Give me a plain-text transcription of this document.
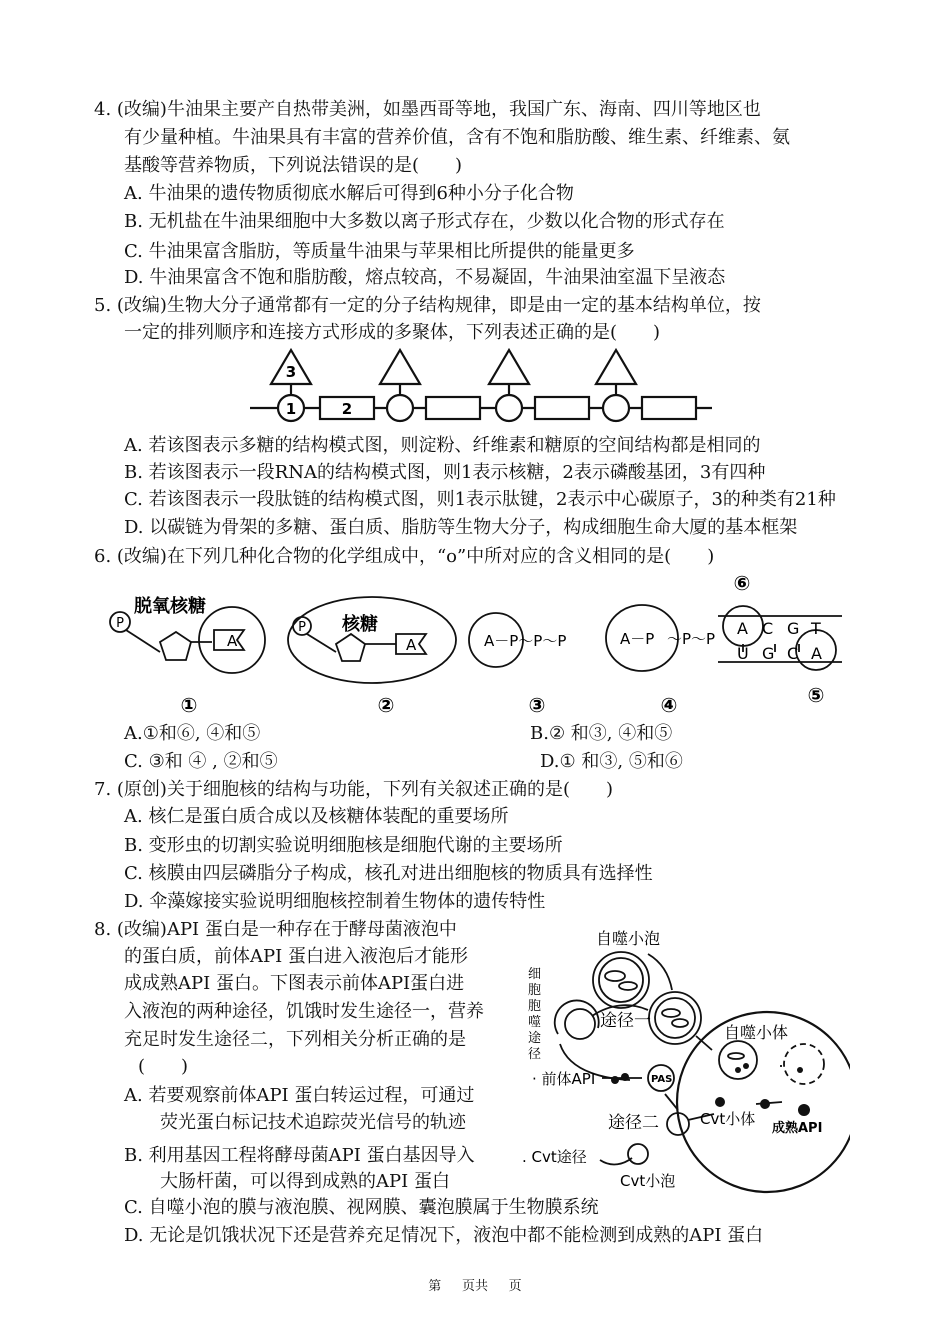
4. (改编)牛油果主要产自热带美洲，如墨西哥等地，我国广东、海南、四川等地区也
有少量种植。牛油果具有丰富的营养价值，含有不饱和脂肪酸、维生素、纤维素、氨
基酸等营养物质，下列说法错误的是(　　)
A. 牛油果的遗传物质彻底水解后可得到6种小分子化合物
B. 无机盐在牛油果细胞中大多数以离子形式存在，少数以化合物的形式存在
C. 牛油果富含脂肪，等质量牛油果与苹果相比所提供的能量更多
D. 牛油果富含不饱和脂肪酸，熔点较高，不易凝固，牛油果油室温下呈液态
5. (改编)生物大分子通常都有一定的分子结构规律，即是由一定的基本结构单位，按
一定的排列顺序和连接方式形成的多聚体，下列表述正确的是(　　)
3
1	2
A. 若该图表示多糖的结构模式图，则淀粉、纤维素和糖原的空间结构都是相同的
B. 若该图表示一段RNA的结构模式图，则1表示核糖，2表示磷酸基团，3有四种
C. 若该图表示一段肽链的结构模式图，则1表示肽键，2表示中心碳原子，3的种类有21种
D. 以碳链为骨架的多糖、蛋白质、脂肪等生物大分子，构成细胞生命大厦的基本框架
6. (改编)在下列几种化合物的化学组成中，“o”中所对应的含义相同的是(　　)
P
脱氧核糖
A
P 核糖
A	A－P～P～P	A－P ～P～P
A C G T
U G C A
⑥
⑤
①	②	③	④
A.①和⑥, ④和⑤	B.② 和③, ④和⑤
C. ③和 ④ , ②和⑤	D.① 和③, ⑤和⑥
7. (原创)关于细胞核的结构与功能，下列有关叙述正确的是(　　)
A. 核仁是蛋白质合成以及核糖体装配的重要场所
B. 变形虫的切割实验说明细胞核是细胞代谢的主要场所
C. 核膜由四层磷脂分子构成，核孔对进出细胞核的物质具有选择性
D. 伞藻嫁接实验说明细胞核控制着生物体的遗传特性
8. (改编)API 蛋白是一种存在于酵母菌液泡中
的蛋白质，前体API 蛋白进入液泡后才能形
成成熟API 蛋白。下图表示前体API蛋白进
入液泡的两种途径，饥饿时发生途径一，营养
充足时发生途径二，下列相关分析正确的是
(　　)
A. 若要观察前体API 蛋白转运过程，可通过
荧光蛋白标记技术追踪荧光信号的轨迹
B. 利用基因工程将酵母菌API 蛋白基因导入
大肠杆菌，可以得到成熟的API 蛋白
C. 自噬小泡的膜与液泡膜、视网膜、囊泡膜属于生物膜系统
D. 无论是饥饿状况下还是营养充足情况下，液泡中都不能检测到成熟的API 蛋白
自噬小泡
细
胞
胞
噬
途
径
途径一
自噬小体
· 前体API	PAS
途径二	Cvt小体
成熟API
. Cvt途径
Cvt小泡
第 页共 页
